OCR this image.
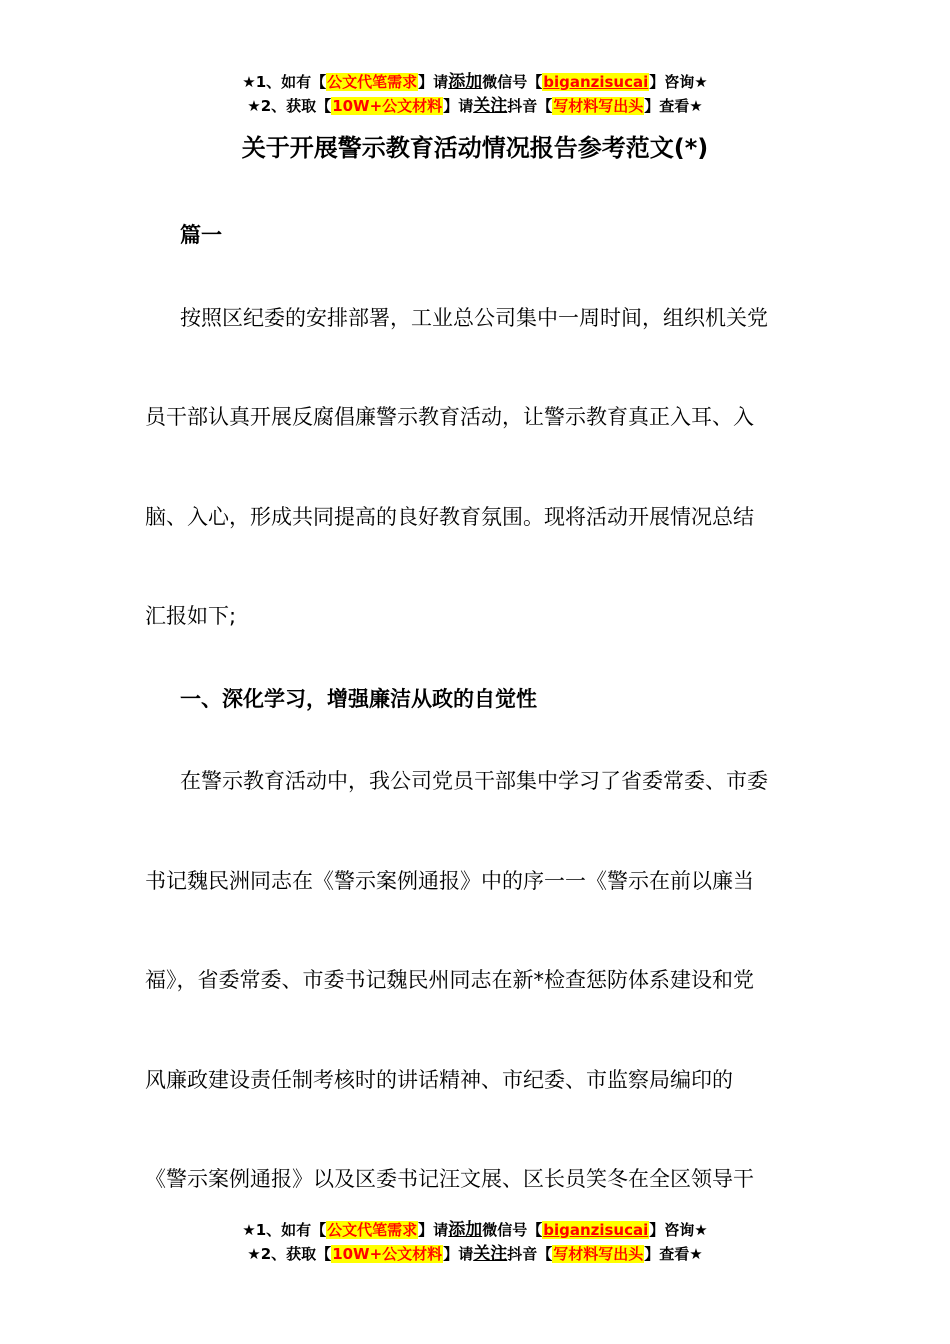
★1、如有【公文代笔需求】请添加微信号【biganzisucai】咨询★
★2、获取【10W+公文材料】请关注抖音【写材料写出头】查看★
关于开展警示教育活动情况报告参考范文(*)
篇一
按照区纪委的安排部署，工业总公司集中一周时间，组织机关党
员干部认真开展反腐倡廉警示教育活动，让警示教育真正入耳、入
脑、入心，形成共同提高的良好教育氛围。现将活动开展情况总结
汇报如下;
一、深化学习，增强廉洁从政的自觉性
在警示教育活动中，我公司党员干部集中学习了省委常委、市委
书记魏民洲同志在《警示案例通报》中的序一一《警示在前以廉当
福》，省委常委、市委书记魏民州同志在新*检查惩防体系建设和党
风廉政建设责任制考核时的讲话精神、市纪委、市监察局编印的
《警示案例通报》以及区委书记汪文展、区长员笑冬在全区领导干
★1、如有【公文代笔需求】请添加微信号【biganzisucai】咨询★
★2、获取【10W+公文材料】请关注抖音【写材料写出头】查看★
